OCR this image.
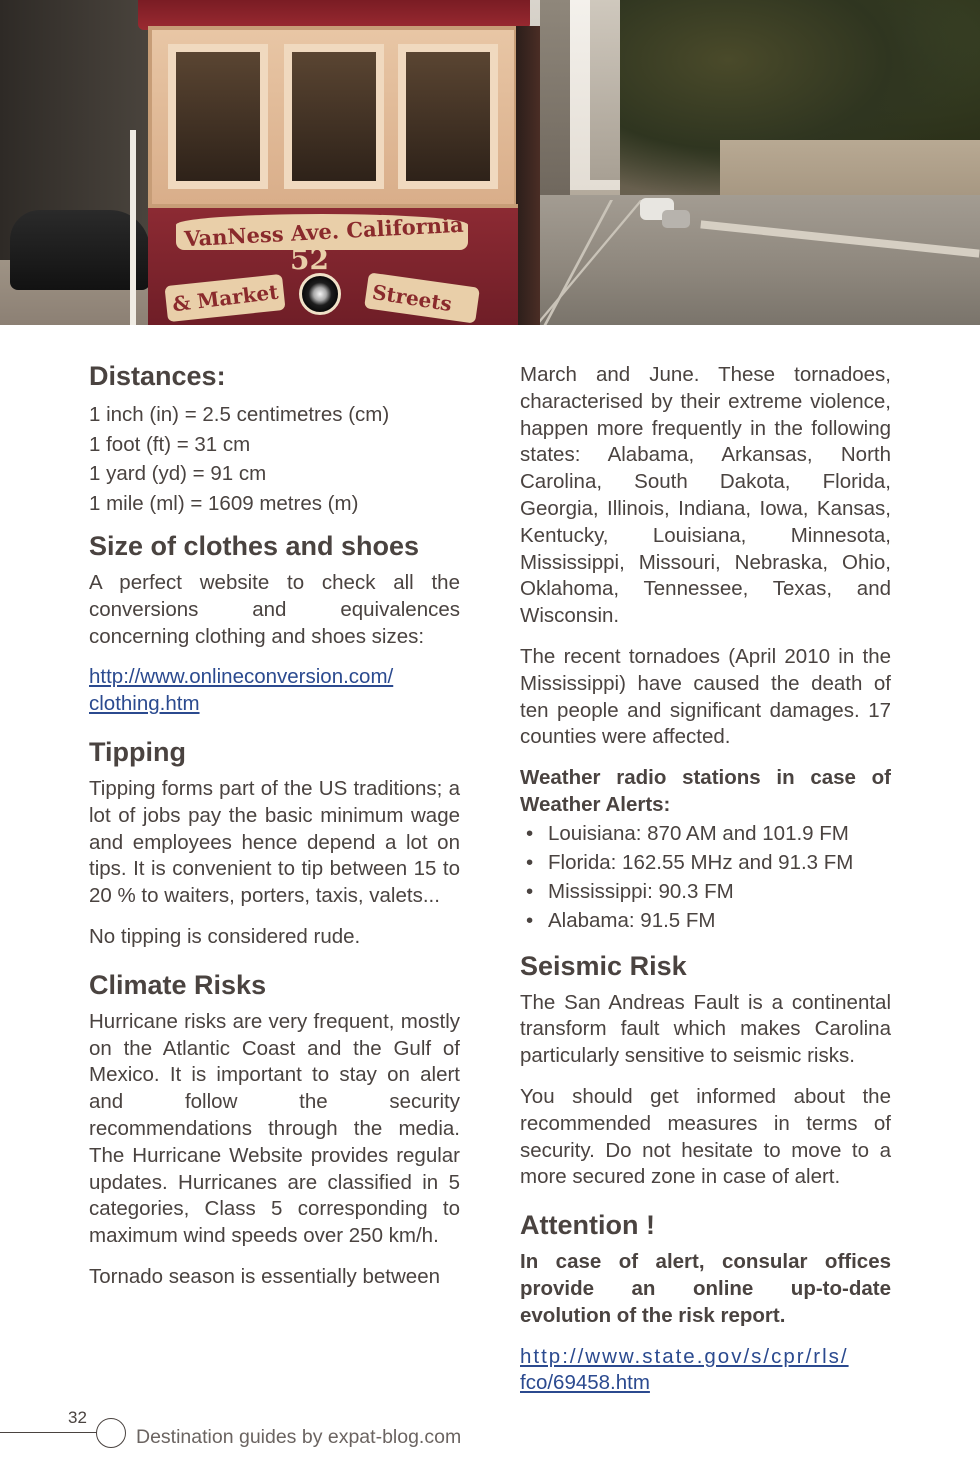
VanNess Ave. California
52
& Market	Streets
Distances:

1 inch (in) = 2.5 centimetres (cm)

1 foot (ft) = 31 cm

1 yard (yd) = 91 cm

1 mile (ml) = 1609 metres (m)

Size of clothes and shoes

A perfect website to check all the conversions and equivalences concerning clothing and shoes sizes:

http://www.onlineconversion.com/
clothing.htm
Tipping

Tipping forms part of the US traditions; a lot of jobs pay the basic minimum wage and employees hence depend a lot on tips. It is convenient to tip between 15 to 20 % to waiters, porters, taxis, valets...

No tipping is considered rude.

Climate Risks

Hurricane risks are very frequent, mostly on the Atlantic Coast and the Gulf of Mexico. It is important to stay on alert and follow the security recommendations through the media. The Hurricane Website provides regular updates. Hurricanes are classified in 5 categories, Class 5 corresponding to maximum wind speeds over 250 km/h.

Tornado season is essentially between

March and June. These tornadoes, characterised by their extreme violence, happen more frequently in the following states: Alabama, Arkansas, North Carolina, South Dakota, Florida, Georgia, Illinois, Indiana, Iowa, Kansas, Kentucky, Louisiana, Minnesota, Mississippi, Missouri, Nebraska, Ohio, Oklahoma, Tennessee, Texas, and Wisconsin.

The recent tornadoes (April 2010 in the Mississippi) have caused the death of ten people and significant damages. 17 counties were affected.

Weather radio stations in case of Weather Alerts:

• Louisiana: 870 AM and 101.9 FM
• Florida: 162.55 MHz and 91.3 FM
• Mississippi: 90.3 FM
• Alabama: 91.5 FM
Seismic Risk

The San Andreas Fault is a continental transform fault which makes Carolina particularly sensitive to seismic risks.

You should get informed about the recommended measures in terms of security. Do not hesitate to move to a more secured zone in case of alert.

Attention !

In case of alert, consular offices provide an online up-to-date evolution of the risk report.

http://www.state.gov/s/cpr/rls/
fco/69458.htm
32
Destination guides by expat-blog.com
